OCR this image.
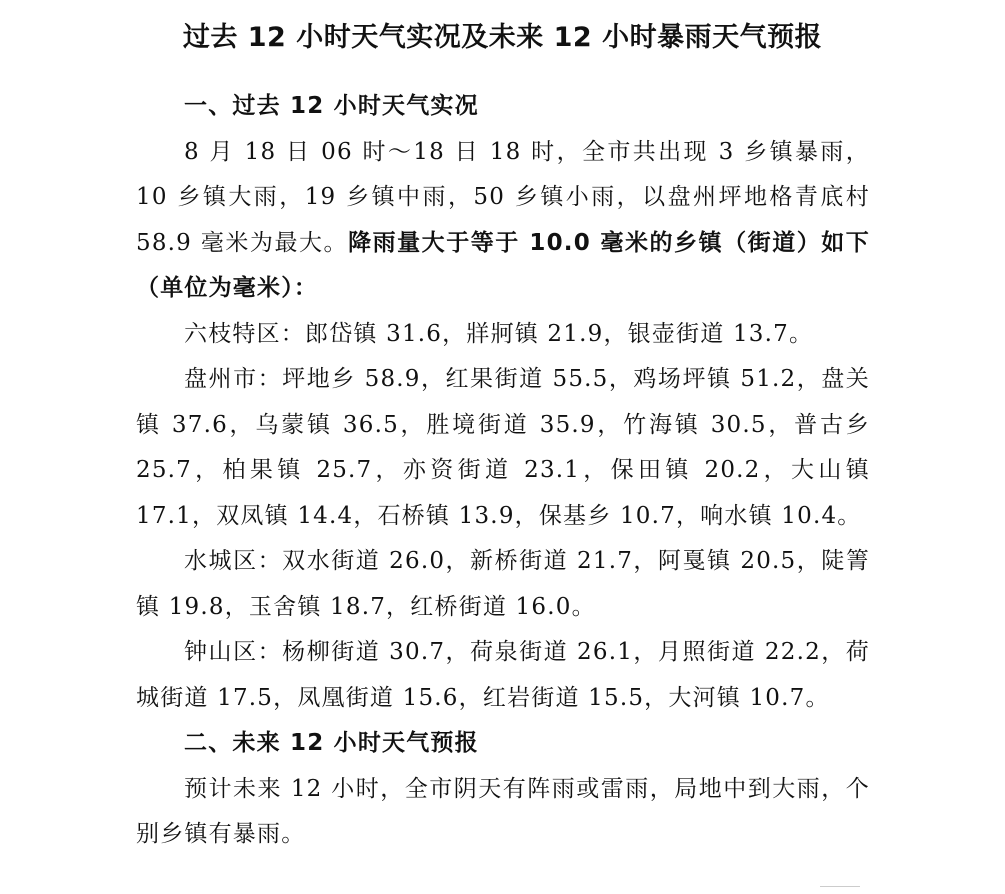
过去 12 小时天气实况及未来 12 小时暴雨天气预报

一、过去 12 小时天气实况

8 月 18 日 06 时～18 日 18 时，全市共出现 3 乡镇暴雨，10 乡镇大雨，19 乡镇中雨，50 乡镇小雨，以盘州坪地格青底村 58.9 毫米为最大。降雨量大于等于 10.0 毫米的乡镇（街道）如下（单位为毫米）：

六枝特区：郎岱镇 31.6，牂牁镇 21.9，银壶街道 13.7。

盘州市：坪地乡 58.9，红果街道 55.5，鸡场坪镇 51.2，盘关镇 37.6，乌蒙镇 36.5，胜境街道 35.9，竹海镇 30.5，普古乡 25.7，柏果镇 25.7，亦资街道 23.1，保田镇 20.2，大山镇 17.1，双凤镇 14.4，石桥镇 13.9，保基乡 10.7，响水镇 10.4。

水城区：双水街道 26.0，新桥街道 21.7，阿戛镇 20.5，陡箐镇 19.8，玉舍镇 18.7，红桥街道 16.0。

钟山区：杨柳街道 30.7，荷泉街道 26.1，月照街道 22.2，荷城街道 17.5，凤凰街道 15.6，红岩街道 15.5，大河镇 10.7。

二、未来 12 小时天气预报

预计未来 12 小时，全市阴天有阵雨或雷雨，局地中到大雨，个别乡镇有暴雨。
